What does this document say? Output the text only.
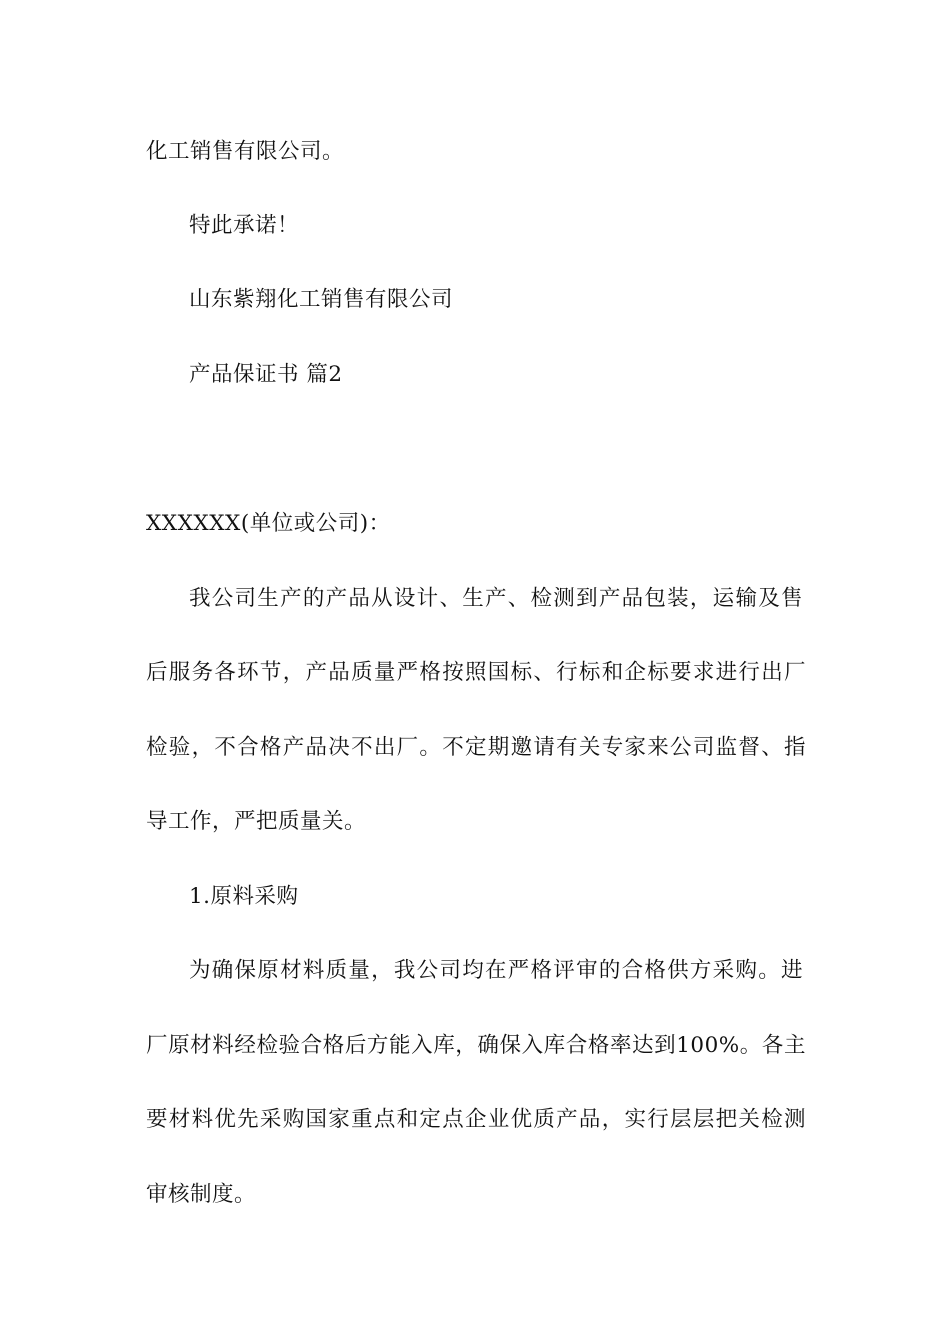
化工销售有限公司。
特此承诺！
山东紫翔化工销售有限公司
产品保证书 篇2
XXXXXX(单位或公司)：
我公司生产的产品从设计、生产、检测到产品包装，运输及售
后服务各环节，产品质量严格按照国标、行标和企标要求进行出厂
检验，不合格产品决不出厂。不定期邀请有关专家来公司监督、指
导工作，严把质量关。
1.原料采购
为确保原材料质量，我公司均在严格评审的合格供方采购。进
厂原材料经检验合格后方能入库，确保入库合格率达到100%。各主
要材料优先采购国家重点和定点企业优质产品，实行层层把关检测
审核制度。
